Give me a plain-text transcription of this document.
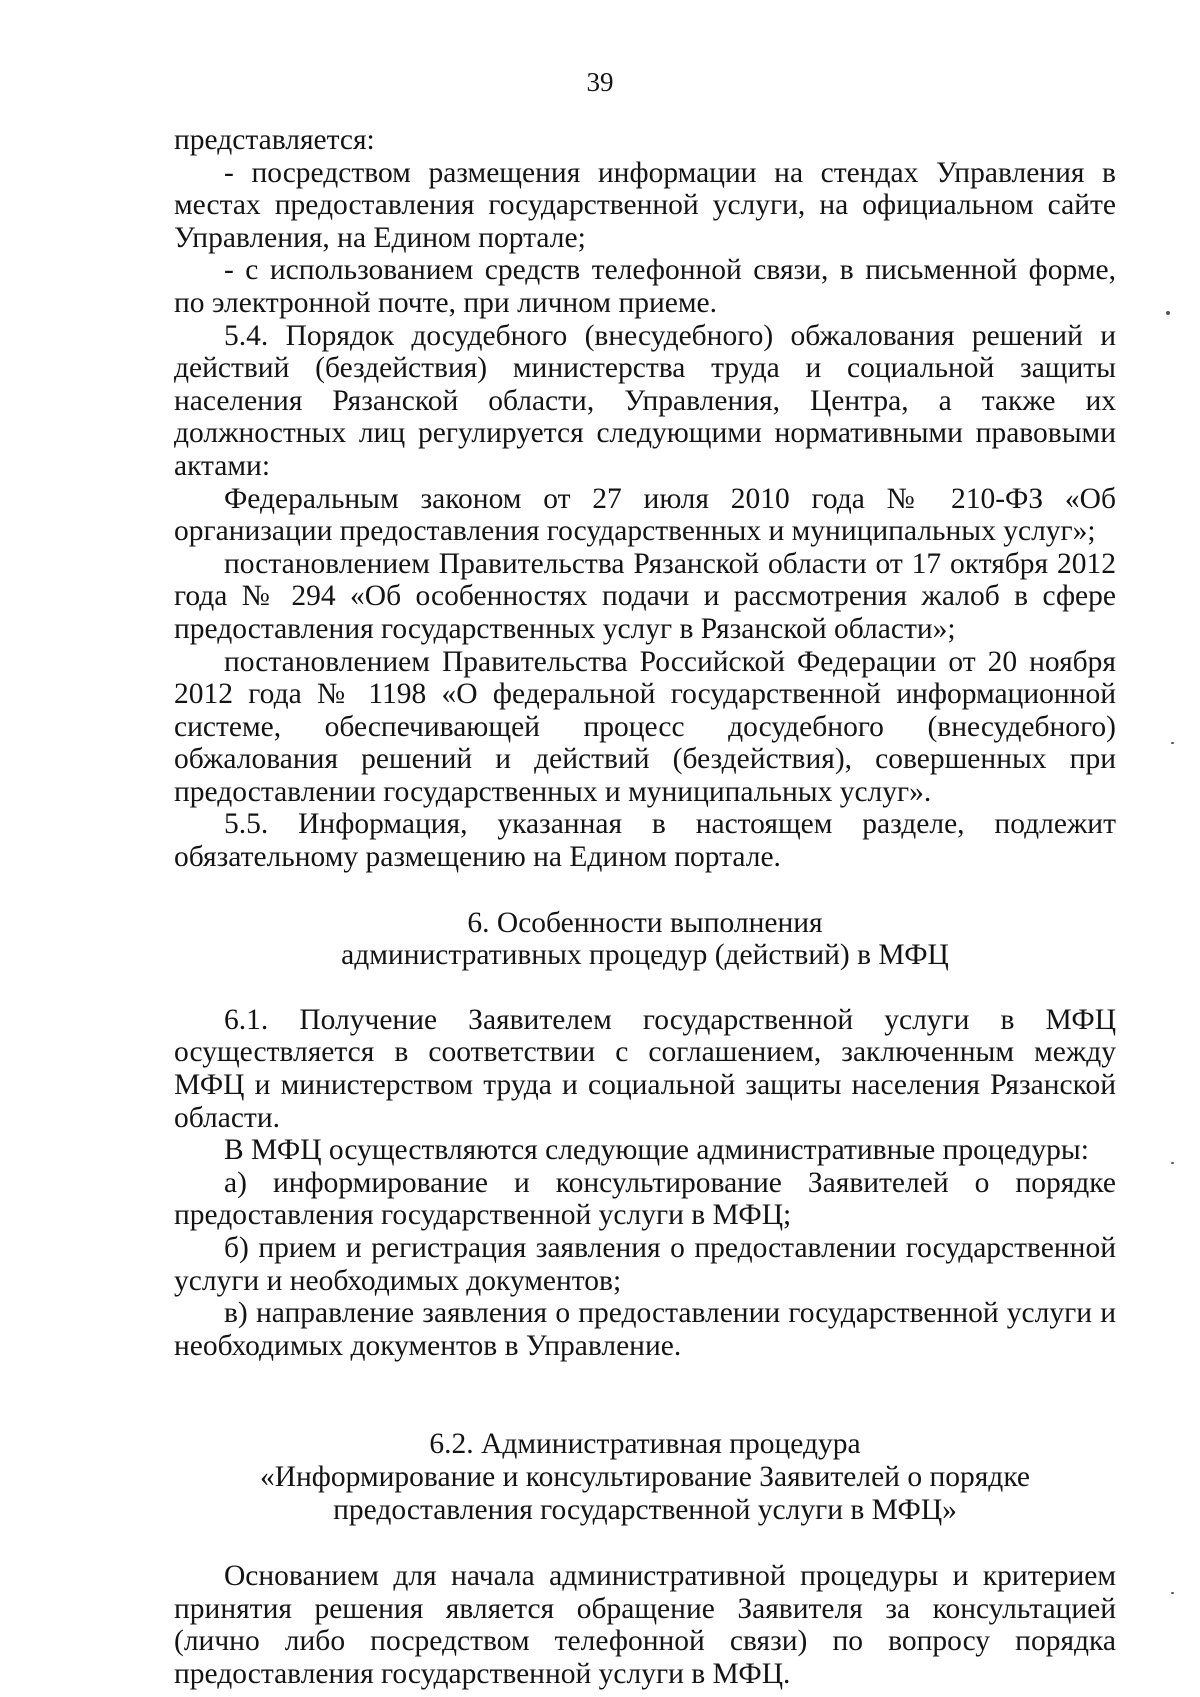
39

представляется:

- посредством размещения информации на стендах Управления в местах предоставления государственной услуги, на официальном сайте Управления, на Едином портале;

- с использованием средств телефонной связи, в письменной форме, по электронной почте, при личном приеме.

5.4. Порядок досудебного (внесудебного) обжалования решений и действий (бездействия) министерства труда и социальной защиты населения Рязанской области, Управления, Центра, а также их должностных лиц регулируется следующими нормативными правовыми актами:

Федеральным законом от 27 июля 2010 года № 210-ФЗ «Об организации предоставления государственных и муниципальных услуг»;

постановлением Правительства Рязанской области от 17 октября 2012 года № 294 «Об особенностях подачи и рассмотрения жалоб в сфере предоставления государственных услуг в Рязанской области»;

постановлением Правительства Российской Федерации от 20 ноября 2012 года № 1198 «О федеральной государственной информационной системе, обеспечивающей процесс досудебного (внесудебного) обжалования решений и действий (бездействия), совершенных при предоставлении государственных и муниципальных услуг».

5.5. Информация, указанная в настоящем разделе, подлежит обязательному размещению на Едином портале.

6. Особенности выполнения

административных процедур (действий) в МФЦ

6.1. Получение Заявителем государственной услуги в МФЦ осуществляется в соответствии с соглашением, заключенным между МФЦ и министерством труда и социальной защиты населения Рязанской области.

В МФЦ осуществляются следующие административные процедуры:

а) информирование и консультирование Заявителей о порядке предоставления государственной услуги в МФЦ;

б) прием и регистрация заявления о предоставлении государственной услуги и необходимых документов;

в) направление заявления о предоставлении государственной услуги и необходимых документов в Управление.

6.2. Административная процедура

«Информирование и консультирование Заявителей о порядке

предоставления государственной услуги в МФЦ»

Основанием для начала административной процедуры и критерием принятия решения является обращение Заявителя за консультацией (лично либо посредством телефонной связи) по вопросу порядка предоставления государственной услуги в МФЦ.
